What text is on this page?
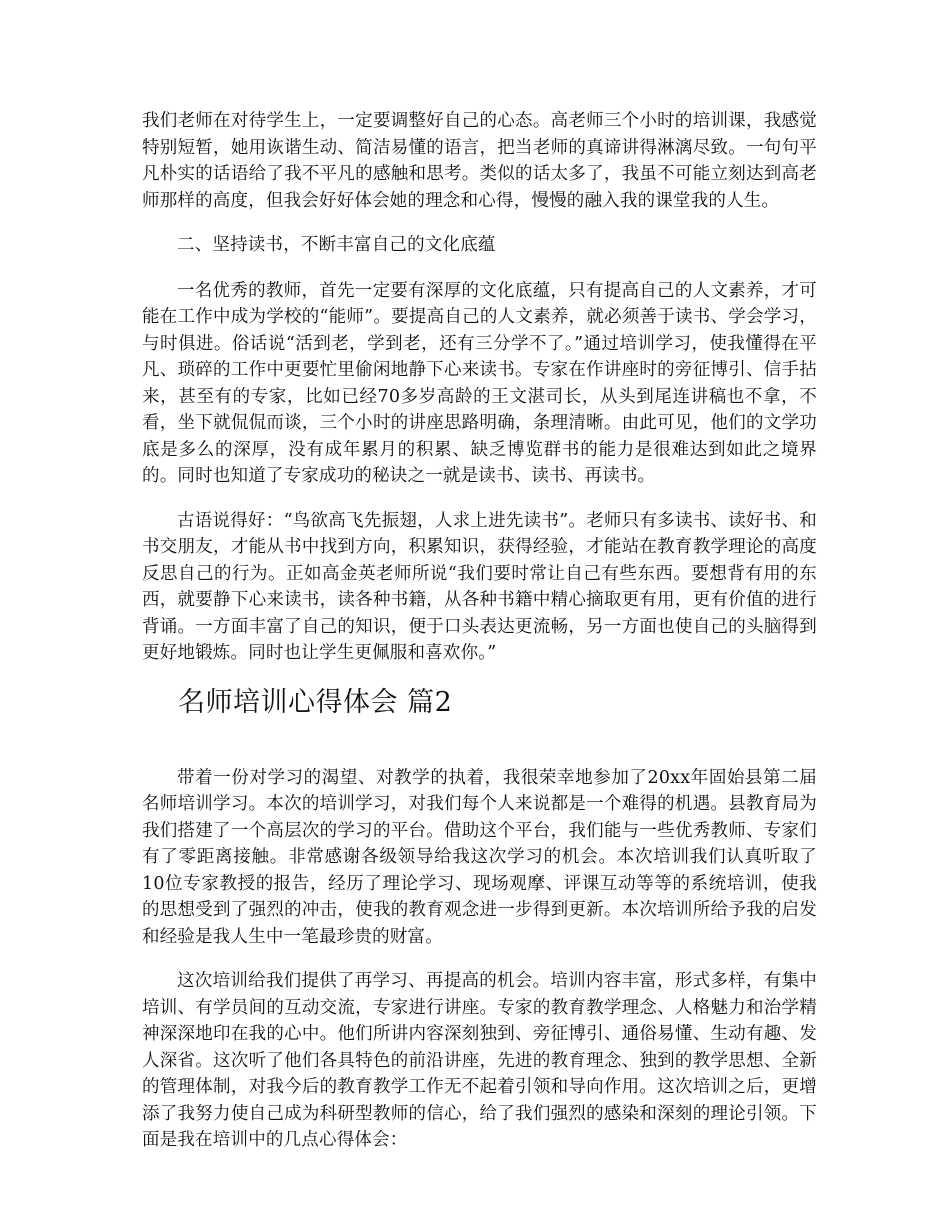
我们老师在对待学生上，一定要调整好自己的心态。高老师三个小时的培训课，我感觉特别短暂，她用诙谐生动、简洁易懂的语言，把当老师的真谛讲得淋漓尽致。一句句平凡朴实的话语给了我不平凡的感触和思考。类似的话太多了，我虽不可能立刻达到高老师那样的高度，但我会好好体会她的理念和心得，慢慢的融入我的课堂我的人生。

二、坚持读书，不断丰富自己的文化底蕴

一名优秀的教师，首先一定要有深厚的文化底蕴，只有提高自己的人文素养，才可能在工作中成为学校的“能师”。要提高自己的人文素养，就必须善于读书、学会学习，与时俱进。俗话说“活到老，学到老，还有三分学不了。”通过培训学习，使我懂得在平凡、琐碎的工作中更要忙里偷闲地静下心来读书。专家在作讲座时的旁征博引、信手拈来，甚至有的专家，比如已经70多岁高龄的王文湛司长，从头到尾连讲稿也不拿，不看，坐下就侃侃而谈，三个小时的讲座思路明确，条理清晰。由此可见，他们的文学功底是多么的深厚，没有成年累月的积累、缺乏博览群书的能力是很难达到如此之境界的。同时也知道了专家成功的秘诀之一就是读书、读书、再读书。

古语说得好：“鸟欲高飞先振翅，人求上进先读书”。老师只有多读书、读好书、和书交朋友，才能从书中找到方向，积累知识，获得经验，才能站在教育教学理论的高度反思自己的行为。正如高金英老师所说“我们要时常让自己有些东西。要想背有用的东西，就要静下心来读书，读各种书籍，从各种书籍中精心摘取更有用，更有价值的进行背诵。一方面丰富了自己的知识，便于口头表达更流畅，另一方面也使自己的头脑得到更好地锻炼。同时也让学生更佩服和喜欢你。”

名师培训心得体会 篇2

带着一份对学习的渴望、对教学的执着，我很荣幸地参加了20xx年固始县第二届名师培训学习。本次的培训学习，对我们每个人来说都是一个难得的机遇。县教育局为我们搭建了一个高层次的学习的平台。借助这个平台，我们能与一些优秀教师、专家们有了零距离接触。非常感谢各级领导给我这次学习的机会。本次培训我们认真听取了10位专家教授的报告，经历了理论学习、现场观摩、评课互动等等的系统培训，使我的思想受到了强烈的冲击，使我的教育观念进一步得到更新。本次培训所给予我的启发和经验是我人生中一笔最珍贵的财富。

这次培训给我们提供了再学习、再提高的机会。培训内容丰富，形式多样，有集中培训、有学员间的互动交流，专家进行讲座。专家的教育教学理念、人格魅力和治学精神深深地印在我的心中。他们所讲内容深刻独到、旁征博引、通俗易懂、生动有趣、发人深省。这次听了他们各具特色的前沿讲座，先进的教育理念、独到的教学思想、全新的管理体制，对我今后的教育教学工作无不起着引领和导向作用。这次培训之后，更增添了我努力使自己成为科研型教师的信心，给了我们强烈的感染和深刻的理论引领。下面是我在培训中的几点心得体会：
